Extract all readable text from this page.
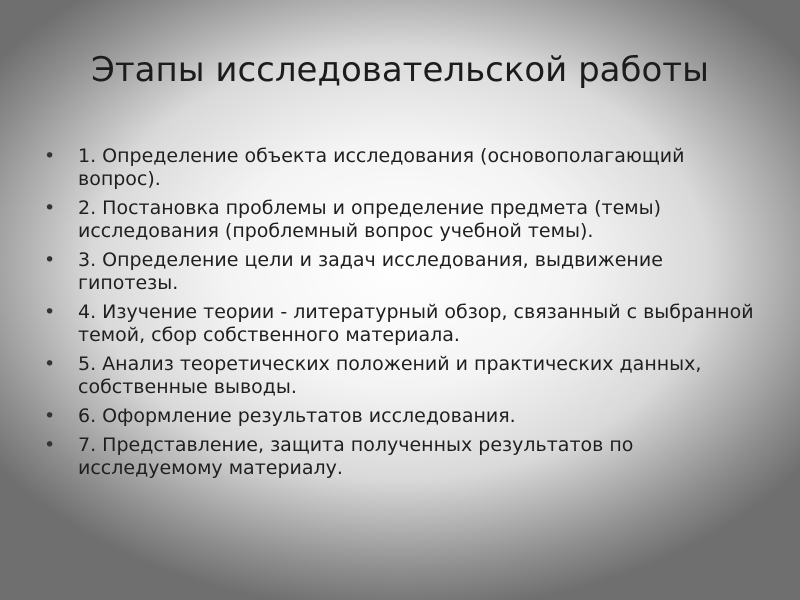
Этапы исследовательской работы
• 1. Определение объекта исследования (основополагающий вопрос).
• 2. Постановка проблемы и определение предмета (темы) исследования (проблемный вопрос учебной темы).
• 3. Определение цели и задач исследования, выдвижение гипотезы.
• 4. Изучение теории - литературный обзор, связанный с выбранной темой, сбор собственного материала.
• 5. Анализ теоретических положений и практических данных, собственные выводы.
• 6. Оформление результатов исследования.
• 7. Представление, защита полученных результатов по исследуемому материалу.
